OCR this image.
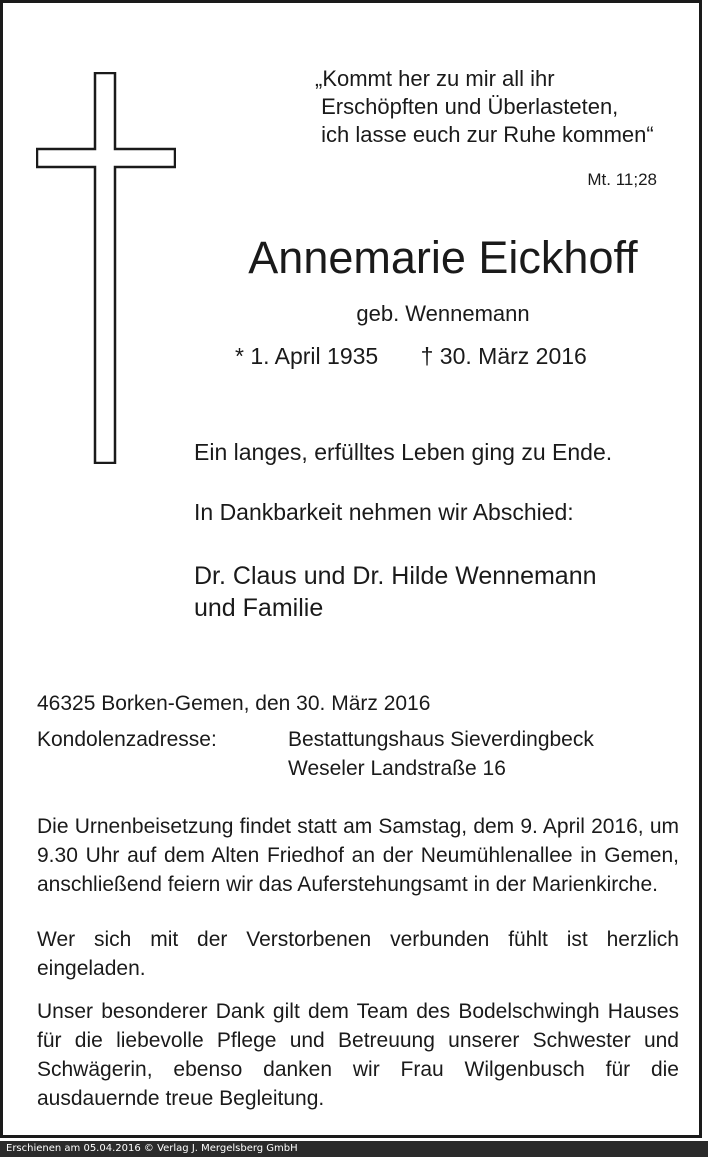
„Kommt her zu mir all ihr
Erschöpften und Überlasteten,
ich lasse euch zur Ruhe kommen“
Mt. 11;28
Annemarie Eickhoff
geb. Wennemann
* 1. April 1935 † 30. März 2016
Ein langes, erfülltes Leben ging zu Ende.
In Dankbarkeit nehmen wir Abschied:
Dr. Claus und Dr. Hilde Wennemann
und Familie
46325 Borken-Gemen, den 30. März 2016
Kondolenzadresse:	Bestattungshaus Sieverdingbeck
Weseler Landstraße 16
Die Urnenbeisetzung findet statt am Samstag, dem 9. April 2016, um 9.30 Uhr auf dem Alten Friedhof an der Neumühlenallee in Gemen, anschließend feiern wir das Auferstehungsamt in der Marienkirche.
Wer sich mit der Verstorbenen verbunden fühlt ist herzlich eingeladen.
Unser besonderer Dank gilt dem Team des Bodelschwingh Hauses für die liebevolle Pflege und Betreuung unserer Schwester und Schwägerin, ebenso danken wir Frau Wilgenbusch für die ausdauernde treue Begleitung.
Erschienen am 05.04.2016 © Verlag J. Mergelsberg GmbH
